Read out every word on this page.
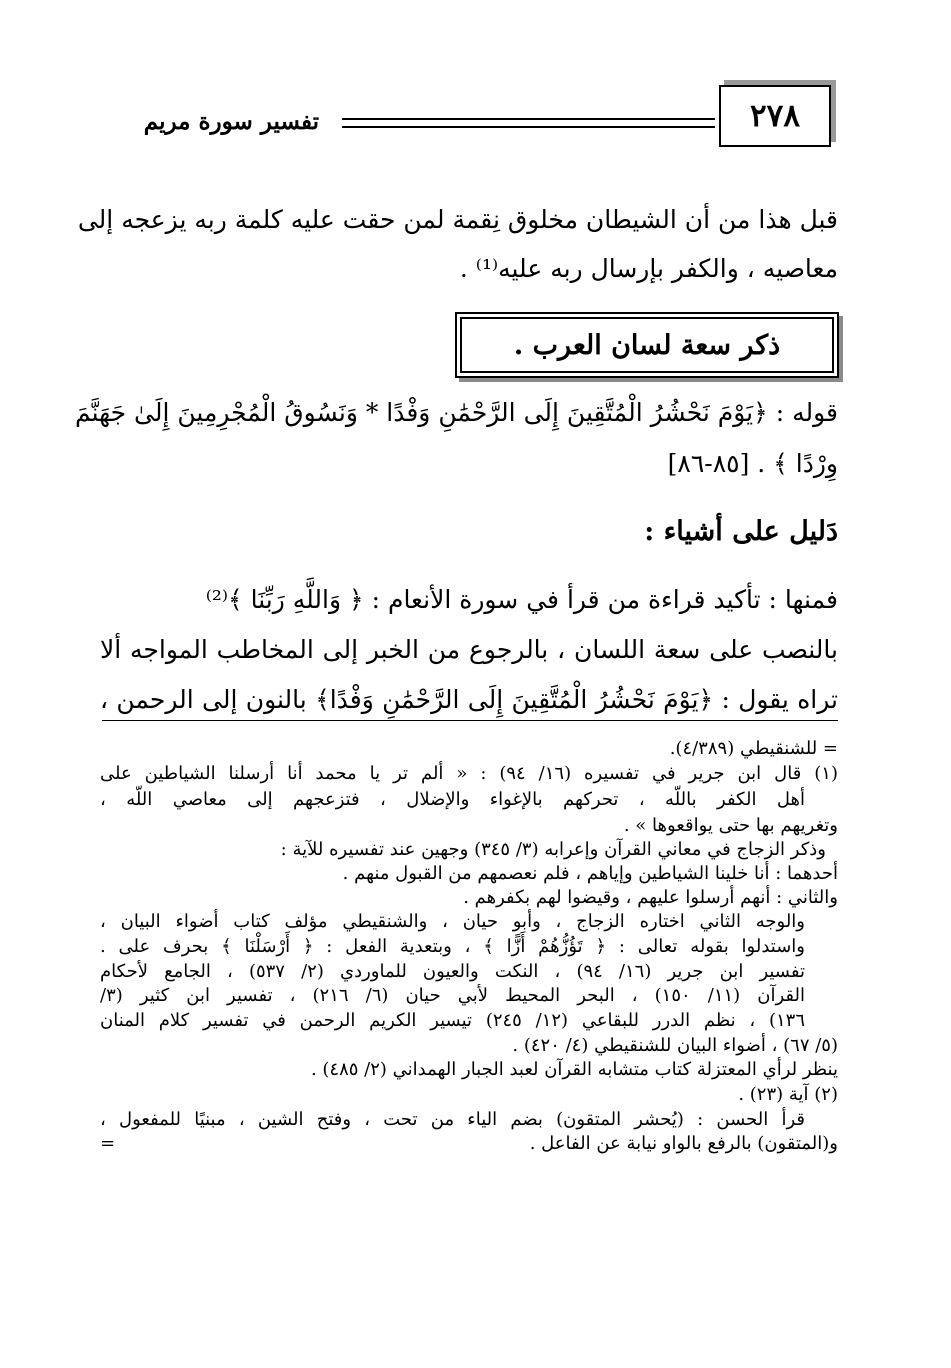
٢٧٨
تفسير سورة مريم
قبل هذا من أن الشيطان مخلوق نِقمة لمن حقت عليه كلمة ربه يزعجه إلى
معاصيه ، والكفر بإرسال ربه عليه⁽¹⁾ .
ذكر سعة لسان العرب .
قوله : ﴿يَوْمَ نَحْشُرُ الْمُتَّقِينَ إِلَى الرَّحْمَٰنِ وَفْدًا * وَنَسُوقُ الْمُجْرِمِينَ إِلَىٰ جَهَنَّمَ
وِرْدًا ﴾ . [٨٥-٨٦]
دَليل على أشياء :
فمنها : تأكيد قراءة من قرأ في سورة الأنعام : ﴿ وَاللَّهِ رَبِّنَا ﴾⁽²⁾
بالنصب على سعة اللسان ، بالرجوع من الخبر إلى المخاطب المواجه ألا
تراه يقول : ﴿يَوْمَ نَحْشُرُ الْمُتَّقِينَ إِلَى الرَّحْمَٰنِ وَفْدًا﴾ بالنون إلى الرحمن ،
= للشنقيطي (٤/٣٨٩).
(١) قال ابن جرير في تفسيره (١٦/ ٩٤) : « ألم تر يا محمد أنا أرسلنا الشياطين على
أهل الكفر باللّه ، تحركهم بالإغواء والإضلال ، فتزعجهم إلى معاصي اللّه ،
وتغريهم بها حتى يواقعوها » .
وذكر الزجاج في معاني القرآن وإعرابه (٣/ ٣٤٥) وجهين عند تفسيره للآية :
أحدهما : أنا خلينا الشياطين وإياهم ، فلم نعصمهم من القبول منهم .
والثاني : أنهم أرسلوا عليهم ، وقيضوا لهم بكفرهم .
والوجه الثاني اختاره الزجاج ، وأبو حيان ، والشنقيطي مؤلف كتاب أضواء البيان ،
واستدلوا بقوله تعالى : ﴿ تَؤُزُّهُمْ أَزًّا ﴾ ، وبتعدية الفعل : ﴿ أَرْسَلْنَا ﴾ بحرف على .
تفسير ابن جرير (١٦/ ٩٤) ، النكت والعيون للماوردي (٢/ ٥٣٧) ، الجامع لأحكام
القرآن (١١/ ١٥٠) ، البحر المحيط لأبي حيان (٦/ ٢١٦) ، تفسير ابن كثير (٣/
١٣٦) ، نظم الدرر للبقاعي (١٢/ ٢٤٥) تيسير الكريم الرحمن في تفسير كلام المنان
(٥/ ٦٧) ، أضواء البيان للشنقيطي (٤/ ٤٢٠) .
ينظر لرأي المعتزلة كتاب متشابه القرآن لعبد الجبار الهمداني (٢/ ٤٨٥) .
(٢) آية (٢٣) .
قرأ الحسن : (يُحشر المتقون) بضم الياء من تحت ، وفتح الشين ، مبنيًا للمفعول ،
و(المتقون) بالرفع بالواو نيابة عن الفاعل .
=
